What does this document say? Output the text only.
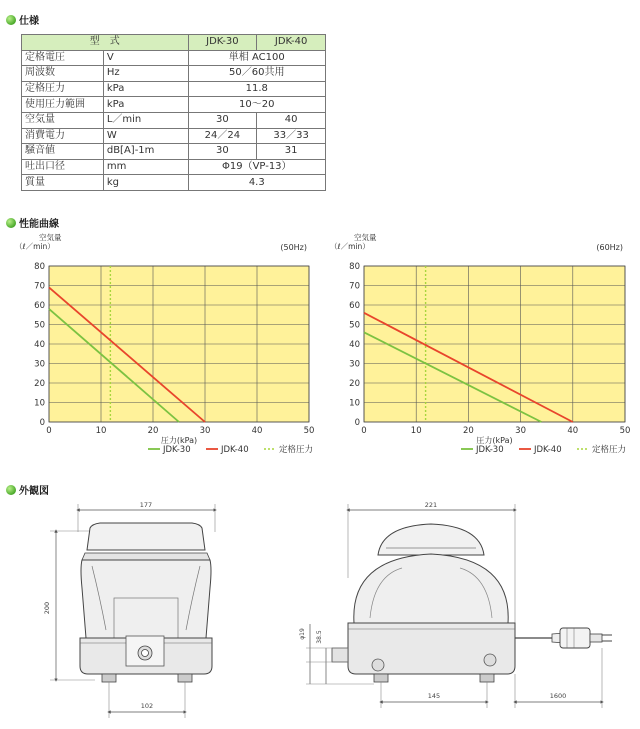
仕様
型　式		JDK-30	JDK-40
定格電圧	V	単相 AC100	
周波数	Hz	50／60共用	
定格圧力	kPa	11.8	
使用圧力範囲	kPa	10〜20	
空気量	L／min	30	40
消費電力	W	24／24	33／33
騒音値	dB[A]-1m	30	31
吐出口径	mm	Φ19（VP-13）	
質量	kg	4.3	
性能曲線
0
10
20
30
40
50
60
70
80
0	10	20	30	40	50
空気量
（ℓ／min）	(50Hz)
圧力(kPa)
JDK-30	JDK-40	定格圧力
0
10
20
30
40
50
60
70
80
0	10	20	30	40	50
空気量
（ℓ／min）	(60Hz)
圧力(kPa)
JDK-30	JDK-40	定格圧力
外観図
177
200
102
221
φ19 38.5
145	1600
